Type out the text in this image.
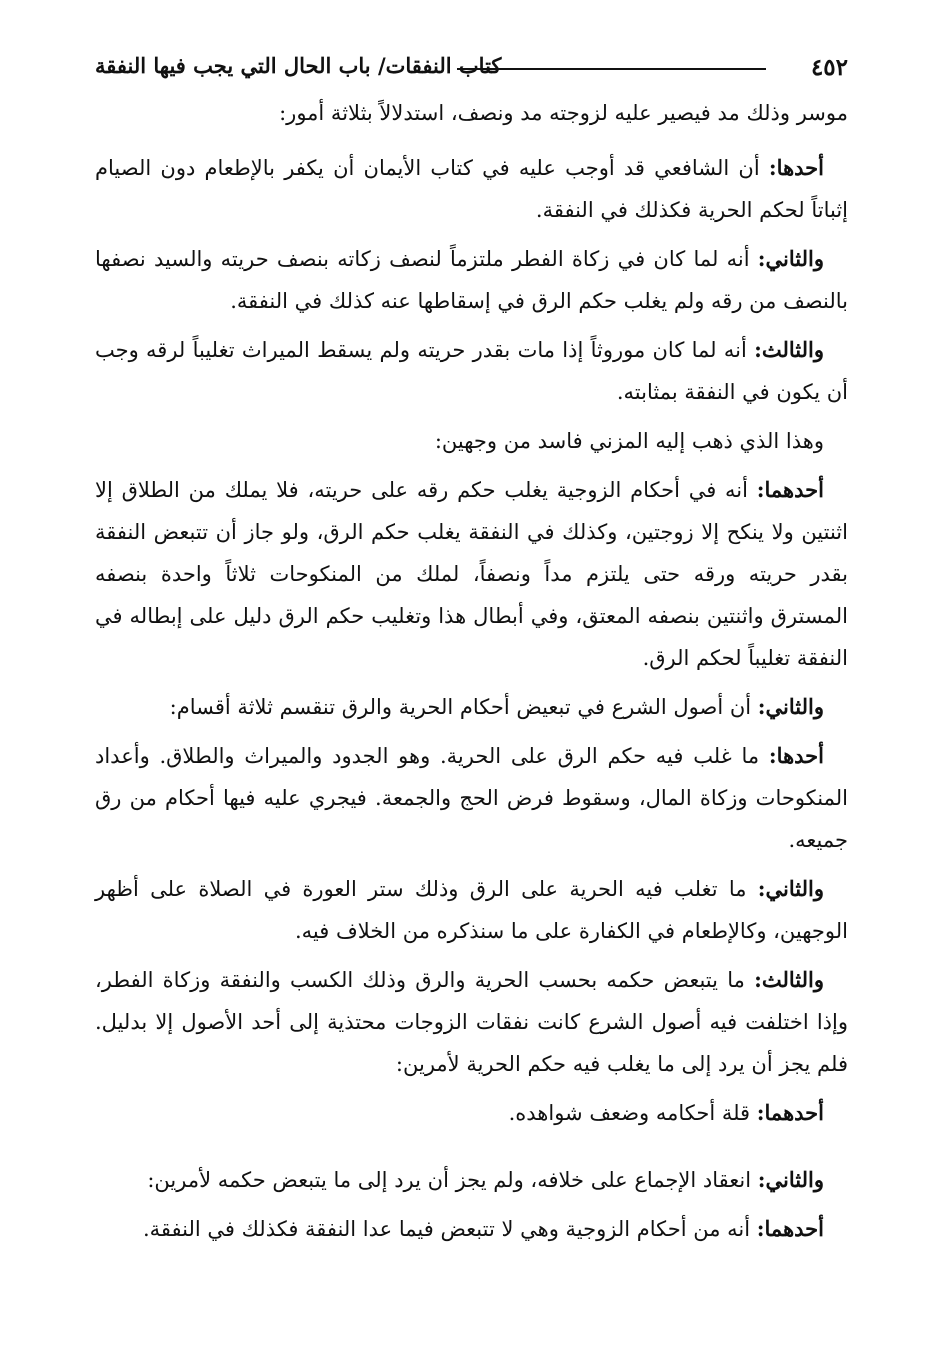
٤٥٢
كتاب النفقات/ باب الحال التي يجب فيها النفقة

موسر وذلك مد فيصير عليه لزوجته مد ونصف، استدلالاً بثلاثة أمور:

أحدها: أن الشافعي قد أوجب عليه في كتاب الأيمان أن يكفر بالإطعام دون الصيام إثباتاً لحكم الحرية فكذلك في النفقة.

والثاني: أنه لما كان في زكاة الفطر ملتزماً لنصف زكاته بنصف حريته والسيد نصفها بالنصف من رقه ولم يغلب حكم الرق في إسقاطها عنه كذلك في النفقة.

والثالث: أنه لما كان موروثاً إذا مات بقدر حريته ولم يسقط الميراث تغليباً لرقه وجب أن يكون في النفقة بمثابته.

وهذا الذي ذهب إليه المزني فاسد من وجهين:

أحدهما: أنه في أحكام الزوجية يغلب حكم رقه على حريته، فلا يملك من الطلاق إلا اثنتين ولا ينكح إلا زوجتين، وكذلك في النفقة يغلب حكم الرق، ولو جاز أن تتبعض النفقة بقدر حريته ورقه حتى يلتزم مداً ونصفاً، لملك من المنكوحات ثلاثاً واحدة بنصفه المسترق واثنتين بنصفه المعتق، وفي أبطال هذا وتغليب حكم الرق دليل على إبطاله في النفقة تغليباً لحكم الرق.

والثاني: أن أصول الشرع في تبعيض أحكام الحرية والرق تنقسم ثلاثة أقسام:

أحدها: ما غلب فيه حكم الرق على الحرية. وهو الجدود والميراث والطلاق. وأعداد المنكوحات وزكاة المال، وسقوط فرض الحج والجمعة. فيجري عليه فيها أحكام من رق جميعه.

والثاني: ما تغلب فيه الحرية على الرق وذلك ستر العورة في الصلاة على أظهر الوجهين، وكالإطعام في الكفارة على ما سنذكره من الخلاف فيه.

والثالث: ما يتبعض حكمه بحسب الحرية والرق وذلك الكسب والنفقة وزكاة الفطر، وإذا اختلفت فيه أصول الشرع كانت نفقات الزوجات محتذية إلى أحد الأصول إلا بدليل. فلم يجز أن يرد إلى ما يغلب فيه حكم الحرية لأمرين:

أحدهما: قلة أحكامه وضعف شواهده.

والثاني: انعقاد الإجماع على خلافه، ولم يجز أن يرد إلى ما يتبعض حكمه لأمرين:

أحدهما: أنه من أحكام الزوجية وهي لا تتبعض فيما عدا النفقة فكذلك في النفقة.
